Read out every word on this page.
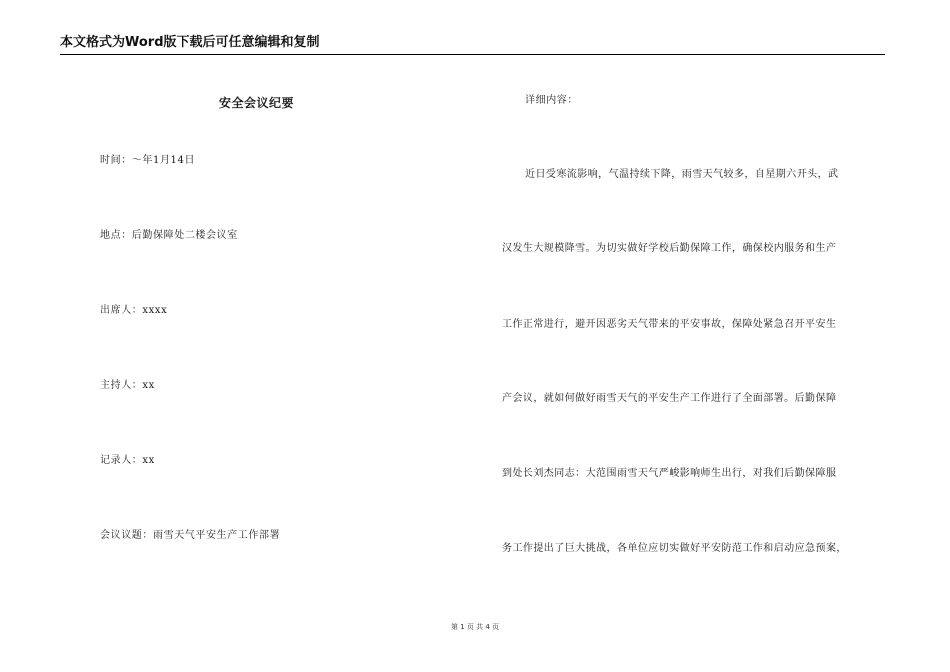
本文格式为Word版下载后可任意编辑和复制
安全会议纪要
时间：～年1月14日
地点：后勤保障处二楼会议室
出席人：xxxx
主持人：xx
记录人：xx
会议议题：雨雪天气平安生产工作部署
详细内容：
近日受寒流影响，气温持续下降，雨雪天气较多，自星期六开头，武
汉发生大规模降雪。为切实做好学校后勤保障工作，确保校内服务和生产
工作正常进行，避开因恶劣天气带来的平安事故，保障处紧急召开平安生
产会议，就如何做好雨雪天气的平安生产工作进行了全面部署。后勤保障
到处长刘杰同志：大范围雨雪天气严峻影响师生出行，对我们后勤保障服
务工作提出了巨大挑战，各单位应切实做好平安防范工作和启动应急预案，
第 1 页 共 4 页
